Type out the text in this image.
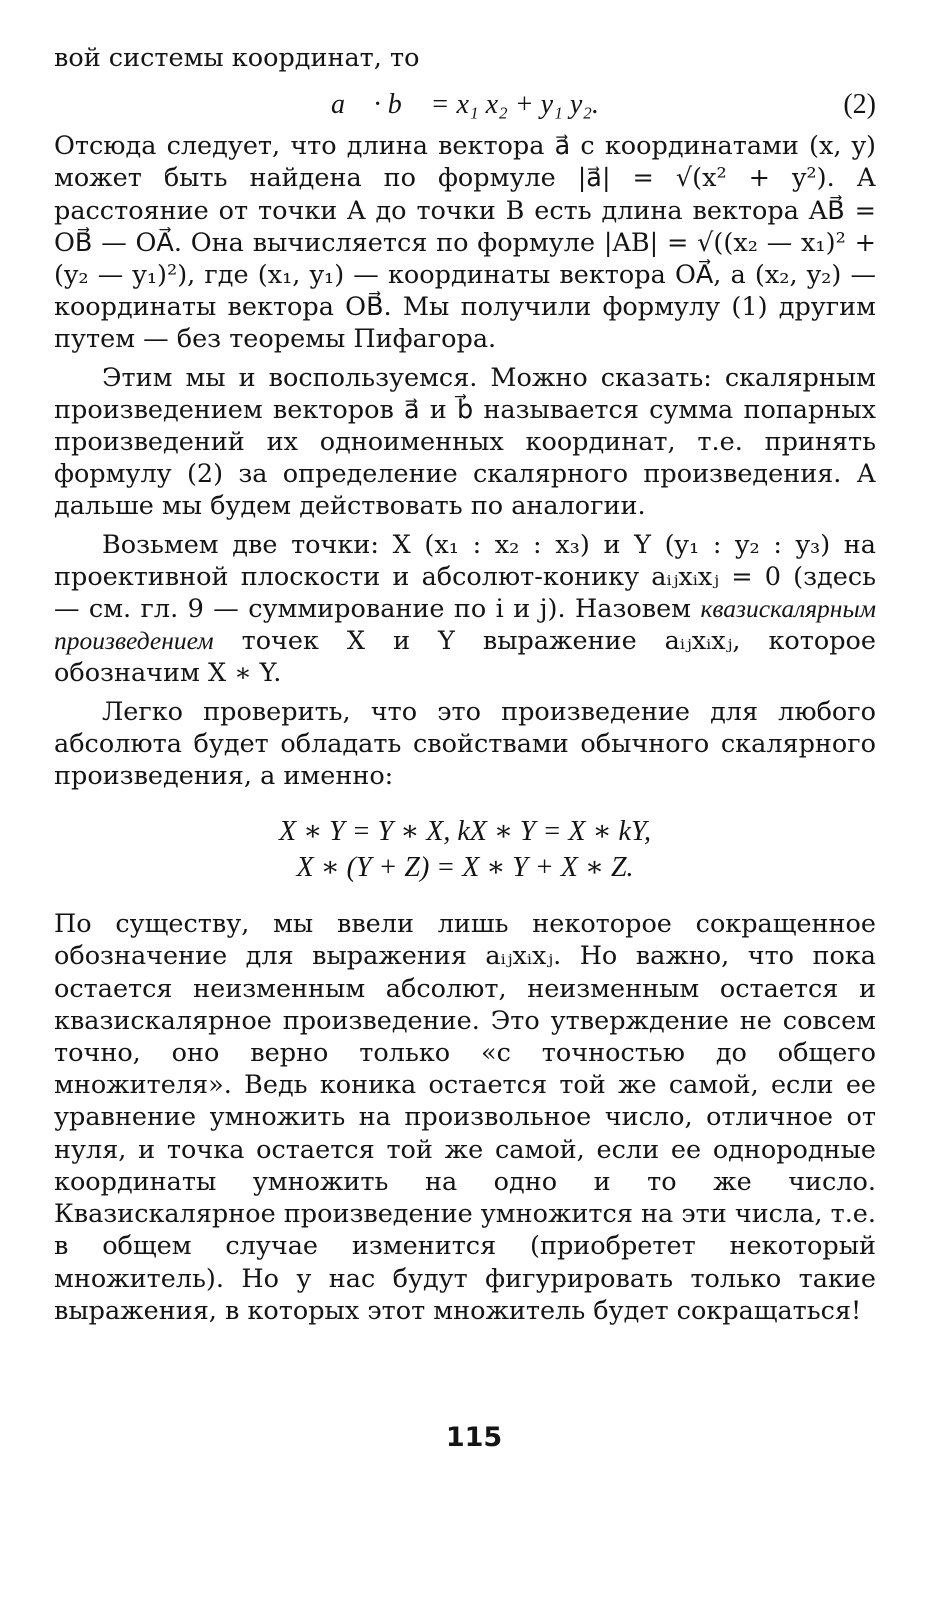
вой системы координат, то

a⃗ · b⃗ = x₁ x₂ + y₁ y₂.	(2)

Отсюда следует, что длина вектора a⃗ с координатами (x, y) может быть найдена по формуле |a⃗| = √(x² + y²). А расстояние от точки A до точки B есть длина вектора AB⃗ = OB⃗ — OA⃗. Она вычисляется по формуле |AB| = √((x₂ — x₁)² + (y₂ — y₁)²), где (x₁, y₁) — координаты вектора OA⃗, а (x₂, y₂) — координаты вектора OB⃗. Мы получили формулу (1) другим путем — без теоремы Пифагора.

Этим мы и воспользуемся. Можно сказать: скалярным произведением векторов a⃗ и b⃗ называется сумма попарных произведений их одноименных координат, т.е. принять формулу (2) за определение скалярного произведения. А дальше мы будем действовать по аналогии.

Возьмем две точки: X (x₁ : x₂ : x₃) и Y (y₁ : y₂ : y₃) на проективной плоскости и абсолют-конику aᵢⱼxᵢxⱼ = 0 (здесь — см. гл. 9 — суммирование по i и j). Назовем квазискалярным произведением точек X и Y выражение aᵢⱼxᵢxⱼ, которое обозначим X ∗ Y.

Легко проверить, что это произведение для любого абсолюта будет обладать свойствами обычного скалярного произведения, а именно:

X ∗ Y = Y ∗ X, kX ∗ Y = X ∗ kY,
X ∗ (Y + Z) = X ∗ Y + X ∗ Z.

По существу, мы ввели лишь некоторое сокращенное обозначение для выражения aᵢⱼxᵢxⱼ. Но важно, что пока остается неизменным абсолют, неизменным остается и квазискалярное произведение. Это утверждение не совсем точно, оно верно только «с точностью до общего множителя». Ведь коника остается той же самой, если ее уравнение умножить на произвольное число, отличное от нуля, и точка остается той же самой, если ее однородные координаты умножить на одно и то же число. Квазискалярное произведение умножится на эти числа, т.е. в общем случае изменится (приобретет некоторый множитель). Но у нас будут фигурировать только такие выражения, в которых этот множитель будет сокращаться!

115
